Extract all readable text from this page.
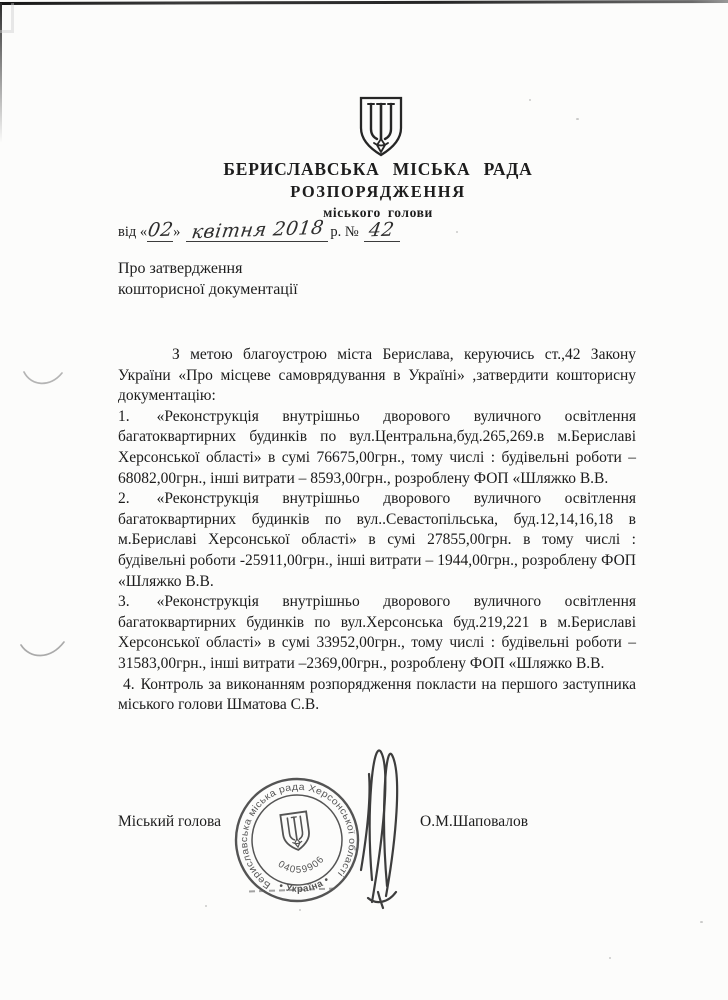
БЕРИСЛАВСЬКА МІСЬКА РАДА
РОЗПОРЯДЖЕННЯ
міського голови
від «02» квітня 2018 р. № 42
Про затвердження
кошторисної документації

З метою благоустрою міста Берислава, керуючись ст.,42 Закону України «Про місцеве самоврядування в Україні» ,затвердити кошторисну документацію:

1. «Реконструкція внутрішньо дворового вуличного освітлення багатоквартирних будинків по вул.Центральна,буд.265,269.в м.Бериславі Херсонської області» в сумі 76675,00грн., тому числі : будівельні роботи – 68082,00грн., інші витрати – 8593,00грн., розроблену ФОП «Шляжко В.В.

2. «Реконструкція внутрішньо дворового вуличного освітлення багатоквартирних будинків по вул..Севастопільська, буд.12,14,16,18 в м.Бериславі Херсонської області» в сумі 27855,00грн. в тому числі : будівельні роботи -25911,00грн., інші витрати – 1944,00грн., розроблену ФОП «Шляжко В.В.

3. «Реконструкція внутрішньо дворового вуличного освітлення багатоквартирних будинків по вул.Херсонська буд.219,221 в м.Бериславі Херсонської області» в сумі 33952,00грн., тому числі : будівельні роботи – 31583,00грн., інші витрати –2369,00грн., розроблену ФОП «Шляжко В.В.

4. Контроль за виконанням розпорядження покласти на першого заступника міського голови Шматова С.В.

Міський голова	О.М.Шаповалов
Бериславська міська рада Херсонської області
• Україна •
04059906
